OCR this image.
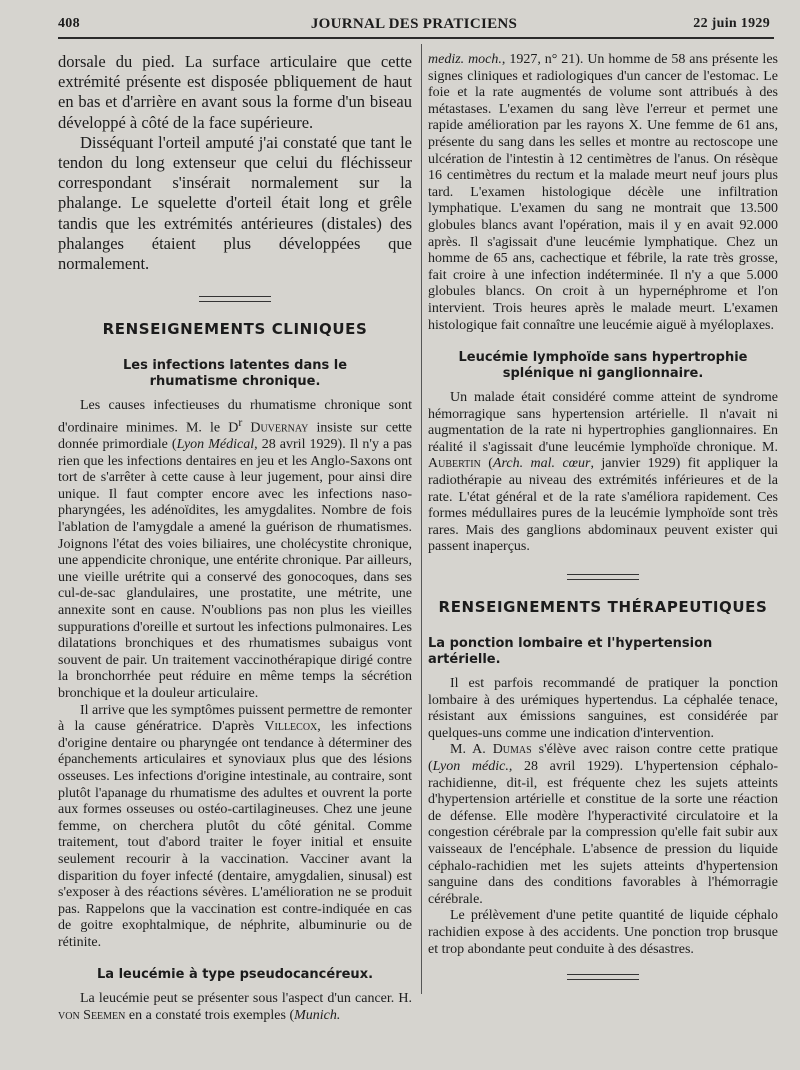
408	JOURNAL DES PRATICIENS	22 juin 1929

dorsale du pied. La surface articulaire que cette extrémité présente est disposée pbliquement de haut en bas et d'arrière en avant sous la forme d'un biseau développé à côté de la face supérieure.

Disséquant l'orteil amputé j'ai constaté que tant le tendon du long extenseur que celui du fléchisseur correspondant s'insérait normalement sur la phalange. Le squelette d'orteil était long et grêle tandis que les extrémités antérieures (distales) des phalanges étaient plus développées que normalement.

RENSEIGNEMENTS CLINIQUES
Les infections latentes dans le rhumatisme chronique.

Les causes infectieuses du rhumatisme chronique sont d'ordinaire minimes. M. le $D^r$ Duvernay insiste sur cette donnée primordiale (Lyon Médical, 28 avril 1929). Il n'y a pas rien que les infections dentaires en jeu et les Anglo-Saxons ont tort de s'arrêter à cette cause à leur jugement, pour ainsi dire unique. Il faut compter encore avec les infections naso-pharyngées, les adénoïdites, les amygdalites. Nombre de fois l'ablation de l'amygdale a amené la guérison de rhumatismes. Joignons l'état des voies biliaires, une cholécystite chronique, une appendicite chronique, une entérite chronique. Par ailleurs, une vieille urétrite qui a conservé des gonocoques, dans ses cul-de-sac glandulaires, une prostatite, une métrite, une annexite sont en cause. N'oublions pas non plus les vieilles suppurations d'oreille et surtout les infections pulmonaires. Les dilatations bronchiques et des rhumatismes subaigus vont souvent de pair. Un traitement vaccinothérapique dirigé contre la bronchorrhée peut réduire en même temps la sécrétion bronchique et la douleur articulaire.

Il arrive que les symptômes puissent permettre de remonter à la cause génératrice. D'après Villecox, les infections d'origine dentaire ou pharyngée ont tendance à déterminer des épanchements articulaires et synoviaux plus que des lésions osseuses. Les infections d'origine intestinale, au contraire, sont plutôt l'apanage du rhumatisme des adultes et ouvrent la porte aux formes osseuses ou ostéo-cartilagineuses. Chez une jeune femme, on cherchera plutôt du côté génital. Comme traitement, tout d'abord traiter le foyer initial et ensuite seulement recourir à la vaccination. Vacciner avant la disparition du foyer infecté (dentaire, amygdalien, sinusal) est s'exposer à des réactions sévères. L'amélioration ne se produit pas. Rappelons que la vaccination est contre-indiquée en cas de goitre exophtalmique, de néphrite, albuminurie ou de rétinite.

La leucémie à type pseudocancéreux.

La leucémie peut se présenter sous l'aspect d'un cancer. H. von Seemen en a constaté trois exemples (Munich.

mediz. moch., 1927, n° 21). Un homme de 58 ans présente les signes cliniques et radiologiques d'un cancer de l'estomac. Le foie et la rate augmentés de volume sont attribués à des métastases. L'examen du sang lève l'erreur et permet une rapide amélioration par les rayons X. Une femme de 61 ans, présente du sang dans les selles et montre au rectoscope une ulcération de l'intestin à 12 centimètres de l'anus. On résèque 16 centimètres du rectum et la malade meurt neuf jours plus tard. L'examen histologique décèle une infiltration lymphatique. L'examen du sang ne montrait que 13.500 globules blancs avant l'opération, mais il y en avait 92.000 après. Il s'agissait d'une leucémie lymphatique. Chez un homme de 65 ans, cachectique et fébrile, la rate très grosse, fait croire à une infection indéterminée. Il n'y a que 5.000 globules blancs. On croit à un hypernéphrome et l'on intervient. Trois heures après le malade meurt. L'examen histologique fait connaître une leucémie aiguë à myéloplaxes.

Leucémie lymphoïde sans hypertrophie splénique ni ganglionnaire.

Un malade était considéré comme atteint de syndrome hémorragique sans hypertension artérielle. Il n'avait ni augmentation de la rate ni hypertrophies ganglionnaires. En réalité il s'agissait d'une leucémie lymphoïde chronique. M. Aubertin (Arch. mal. cœur, janvier 1929) fit appliquer la radiothérapie au niveau des extrémités inférieures et de la rate. L'état général et de la rate s'améliora rapidement. Ces formes médullaires pures de la leucémie lymphoïde sont très rares. Mais des ganglions abdominaux peuvent exister qui passent inaperçus.

RENSEIGNEMENTS THÉRAPEUTIQUES
La ponction lombaire et l'hypertension artérielle.

Il est parfois recommandé de pratiquer la ponction lombaire à des urémiques hypertendus. La céphalée tenace, résistant aux émissions sanguines, est considérée par quelques-uns comme une indication d'intervention.

M. A. Dumas s'élève avec raison contre cette pratique (Lyon médic., 28 avril 1929). L'hypertension céphalo-rachidienne, dit-il, est fréquente chez les sujets atteints d'hypertension artérielle et constitue de la sorte une réaction de défense. Elle modère l'hyperactivité circulatoire et la congestion cérébrale par la compression qu'elle fait subir aux vaisseaux de l'encéphale. L'absence de pression du liquide céphalo-rachidien met les sujets atteints d'hypertension sanguine dans des conditions favorables à l'hémorragie cérébrale.

Le prélèvement d'une petite quantité de liquide céphalo rachidien expose à des accidents. Une ponction trop brusque et trop abondante peut conduite à des désastres.
